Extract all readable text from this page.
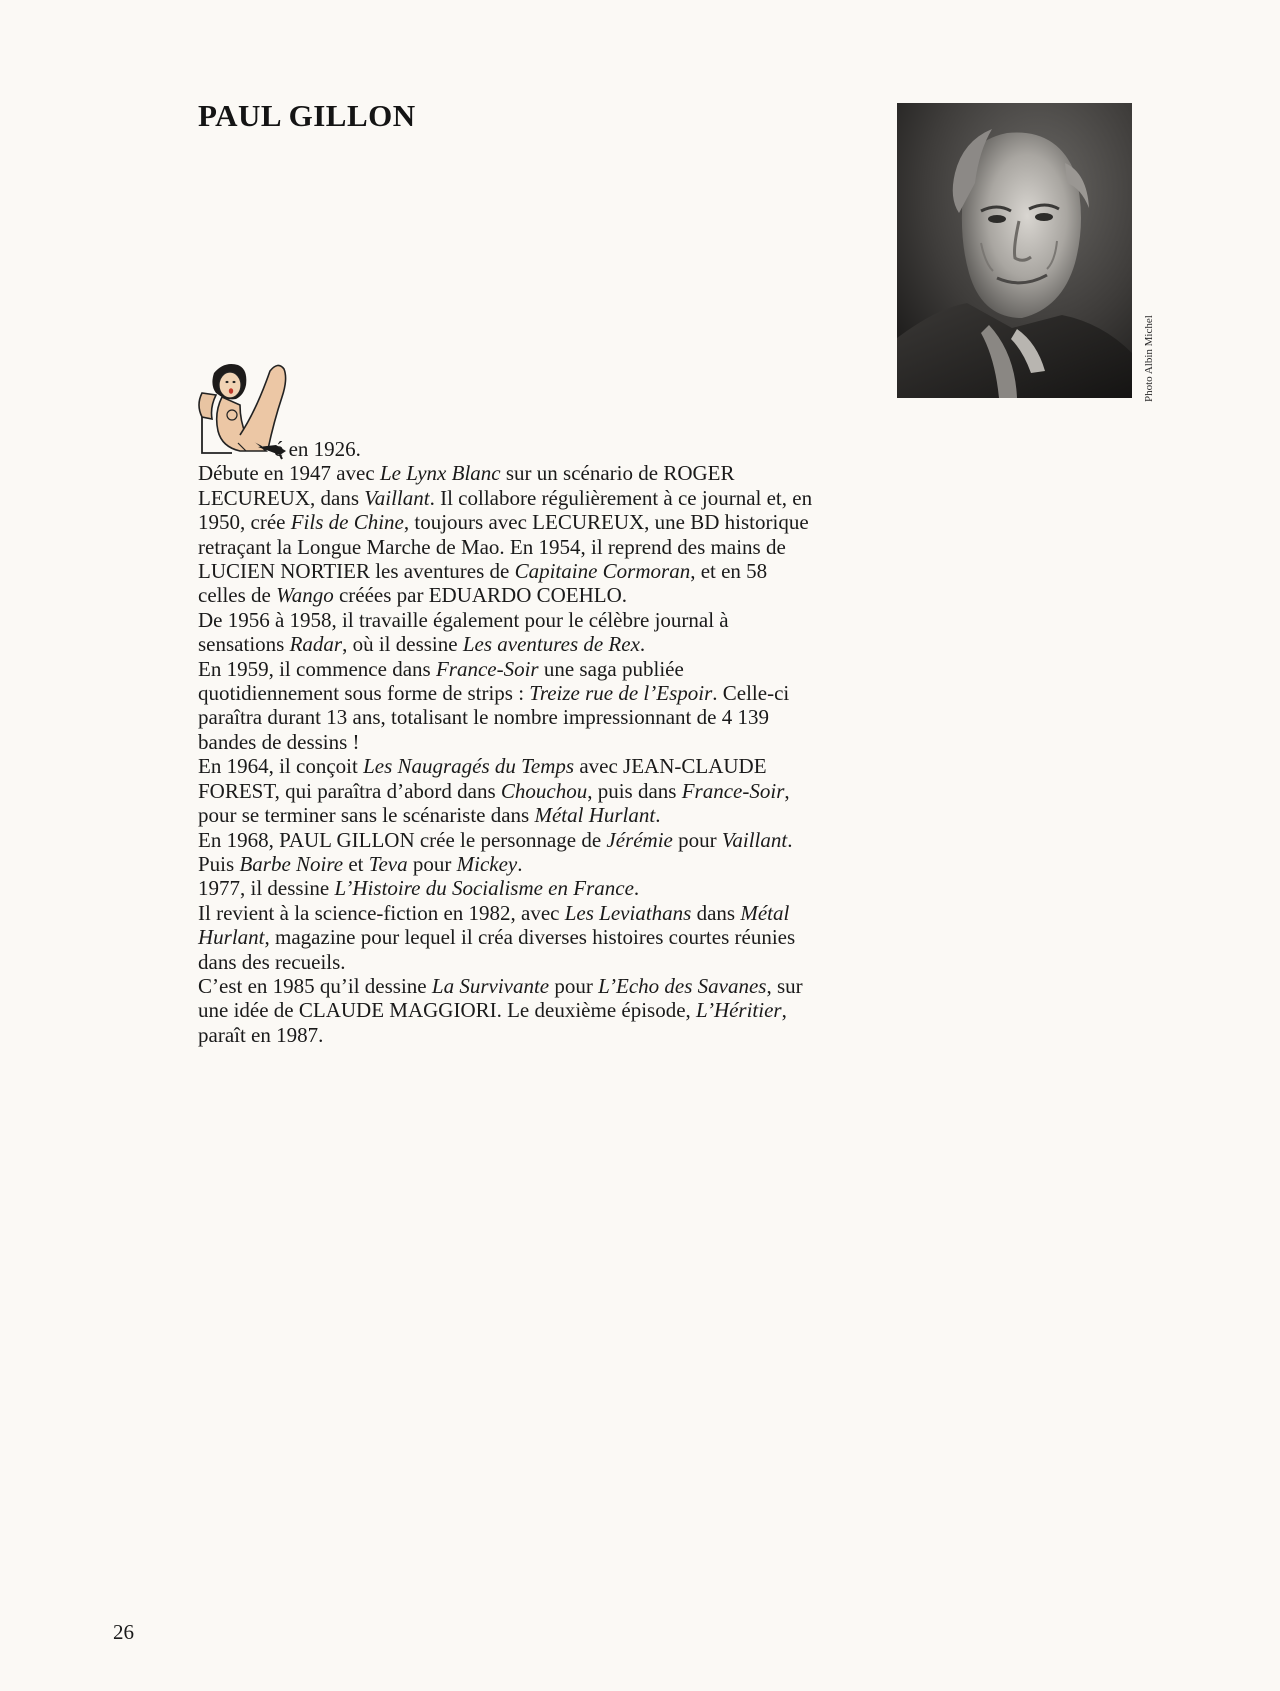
PAUL GILLON
Photo Albin Michel

é en 1926.

Débute en 1947 avec Le Lynx Blanc sur un scénario de ROGER LECUREUX, dans Vaillant. Il collabore régulièrement à ce journal et, en 1950, crée Fils de Chine, toujours avec LECUREUX, une BD historique retraçant la Longue Marche de Mao. En 1954, il reprend des mains de LUCIEN NORTIER les aventures de Capitaine Cormoran, et en 58 celles de Wango créées par EDUARDO COEHLO.

De 1956 à 1958, il travaille également pour le célèbre journal à sensations Radar, où il dessine Les aventures de Rex.

En 1959, il commence dans France-Soir une saga publiée quotidiennement sous forme de strips : Treize rue de l’Espoir. Celle-ci paraîtra durant 13 ans, totalisant le nombre impressionnant de 4 139 bandes de dessins !

En 1964, il conçoit Les Naugragés du Temps avec JEAN-CLAUDE FOREST, qui paraîtra d’abord dans Chouchou, puis dans France-Soir, pour se terminer sans le scénariste dans Métal Hurlant.

En 1968, PAUL GILLON crée le personnage de Jérémie pour Vaillant. Puis Barbe Noire et Teva pour Mickey.

1977, il dessine L’Histoire du Socialisme en France.

Il revient à la science-fiction en 1982, avec Les Leviathans dans Métal Hurlant, magazine pour lequel il créa diverses histoires courtes réunies dans des recueils.

C’est en 1985 qu’il dessine La Survivante pour L’Echo des Savanes, sur une idée de CLAUDE MAGGIORI. Le deuxième épisode, L’Héritier, paraît en 1987.

26
